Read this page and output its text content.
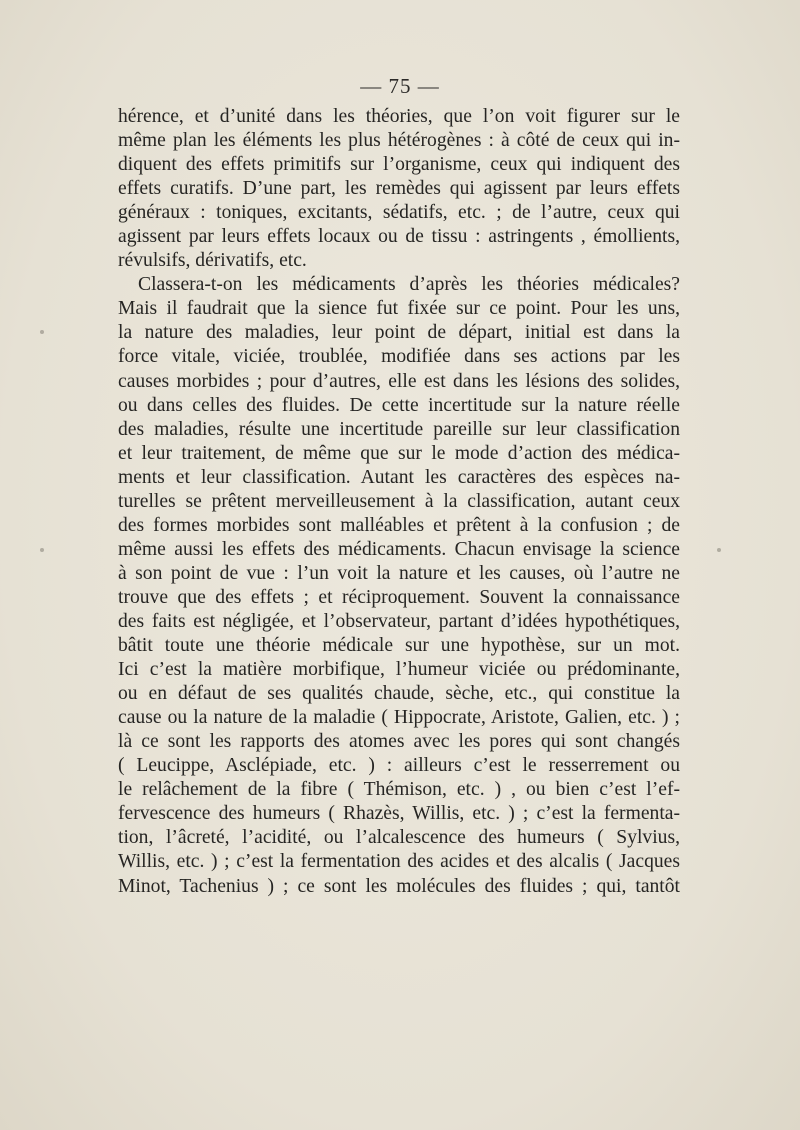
— 75 —
hérence, et d’unité dans les théories, que l’on voit figurer sur le
même plan les éléments les plus hétérogènes : à côté de ceux qui in-
diquent des effets primitifs sur l’organisme, ceux qui indiquent des
effets curatifs. D’une part, les remèdes qui agissent par leurs effets
généraux : toniques, excitants, sédatifs, etc. ; de l’autre, ceux qui
agissent par leurs effets locaux ou de tissu : astringents , émollients,
révulsifs, dérivatifs, etc.
Classera-t-on les médicaments d’après les théories médicales?
Mais il faudrait que la sience fut fixée sur ce point. Pour les uns,
la nature des maladies, leur point de départ, initial est dans la
force vitale, viciée, troublée, modifiée dans ses actions par les
causes morbides ; pour d’autres, elle est dans les lésions des solides,
ou dans celles des fluides. De cette incertitude sur la nature réelle
des maladies, résulte une incertitude pareille sur leur classification
et leur traitement, de même que sur le mode d’action des médica-
ments et leur classification. Autant les caractères des espèces na-
turelles se prêtent merveilleusement à la classification, autant ceux
des formes morbides sont malléables et prêtent à la confusion ; de
même aussi les effets des médicaments. Chacun envisage la science
à son point de vue : l’un voit la nature et les causes, où l’autre ne
trouve que des effets ; et réciproquement. Souvent la connaissance
des faits est négligée, et l’observateur, partant d’idées hypothétiques,
bâtit toute une théorie médicale sur une hypothèse, sur un mot.
Ici c’est la matière morbifique, l’humeur viciée ou prédominante,
ou en défaut de ses qualités chaude, sèche, etc., qui constitue la
cause ou la nature de la maladie ( Hippocrate, Aristote, Galien, etc. ) ;
là ce sont les rapports des atomes avec les pores qui sont changés
( Leucippe, Asclépiade, etc. ) : ailleurs c’est le resserrement ou
le relâchement de la fibre ( Thémison, etc. ) , ou bien c’est l’ef-
fervescence des humeurs ( Rhazès, Willis, etc. ) ; c’est la fermenta-
tion, l’âcreté, l’acidité, ou l’alcalescence des humeurs ( Sylvius,
Willis, etc. ) ; c’est la fermentation des acides et des alcalis ( Jacques
Minot, Tachenius ) ; ce sont les molécules des fluides ; qui, tantôt
